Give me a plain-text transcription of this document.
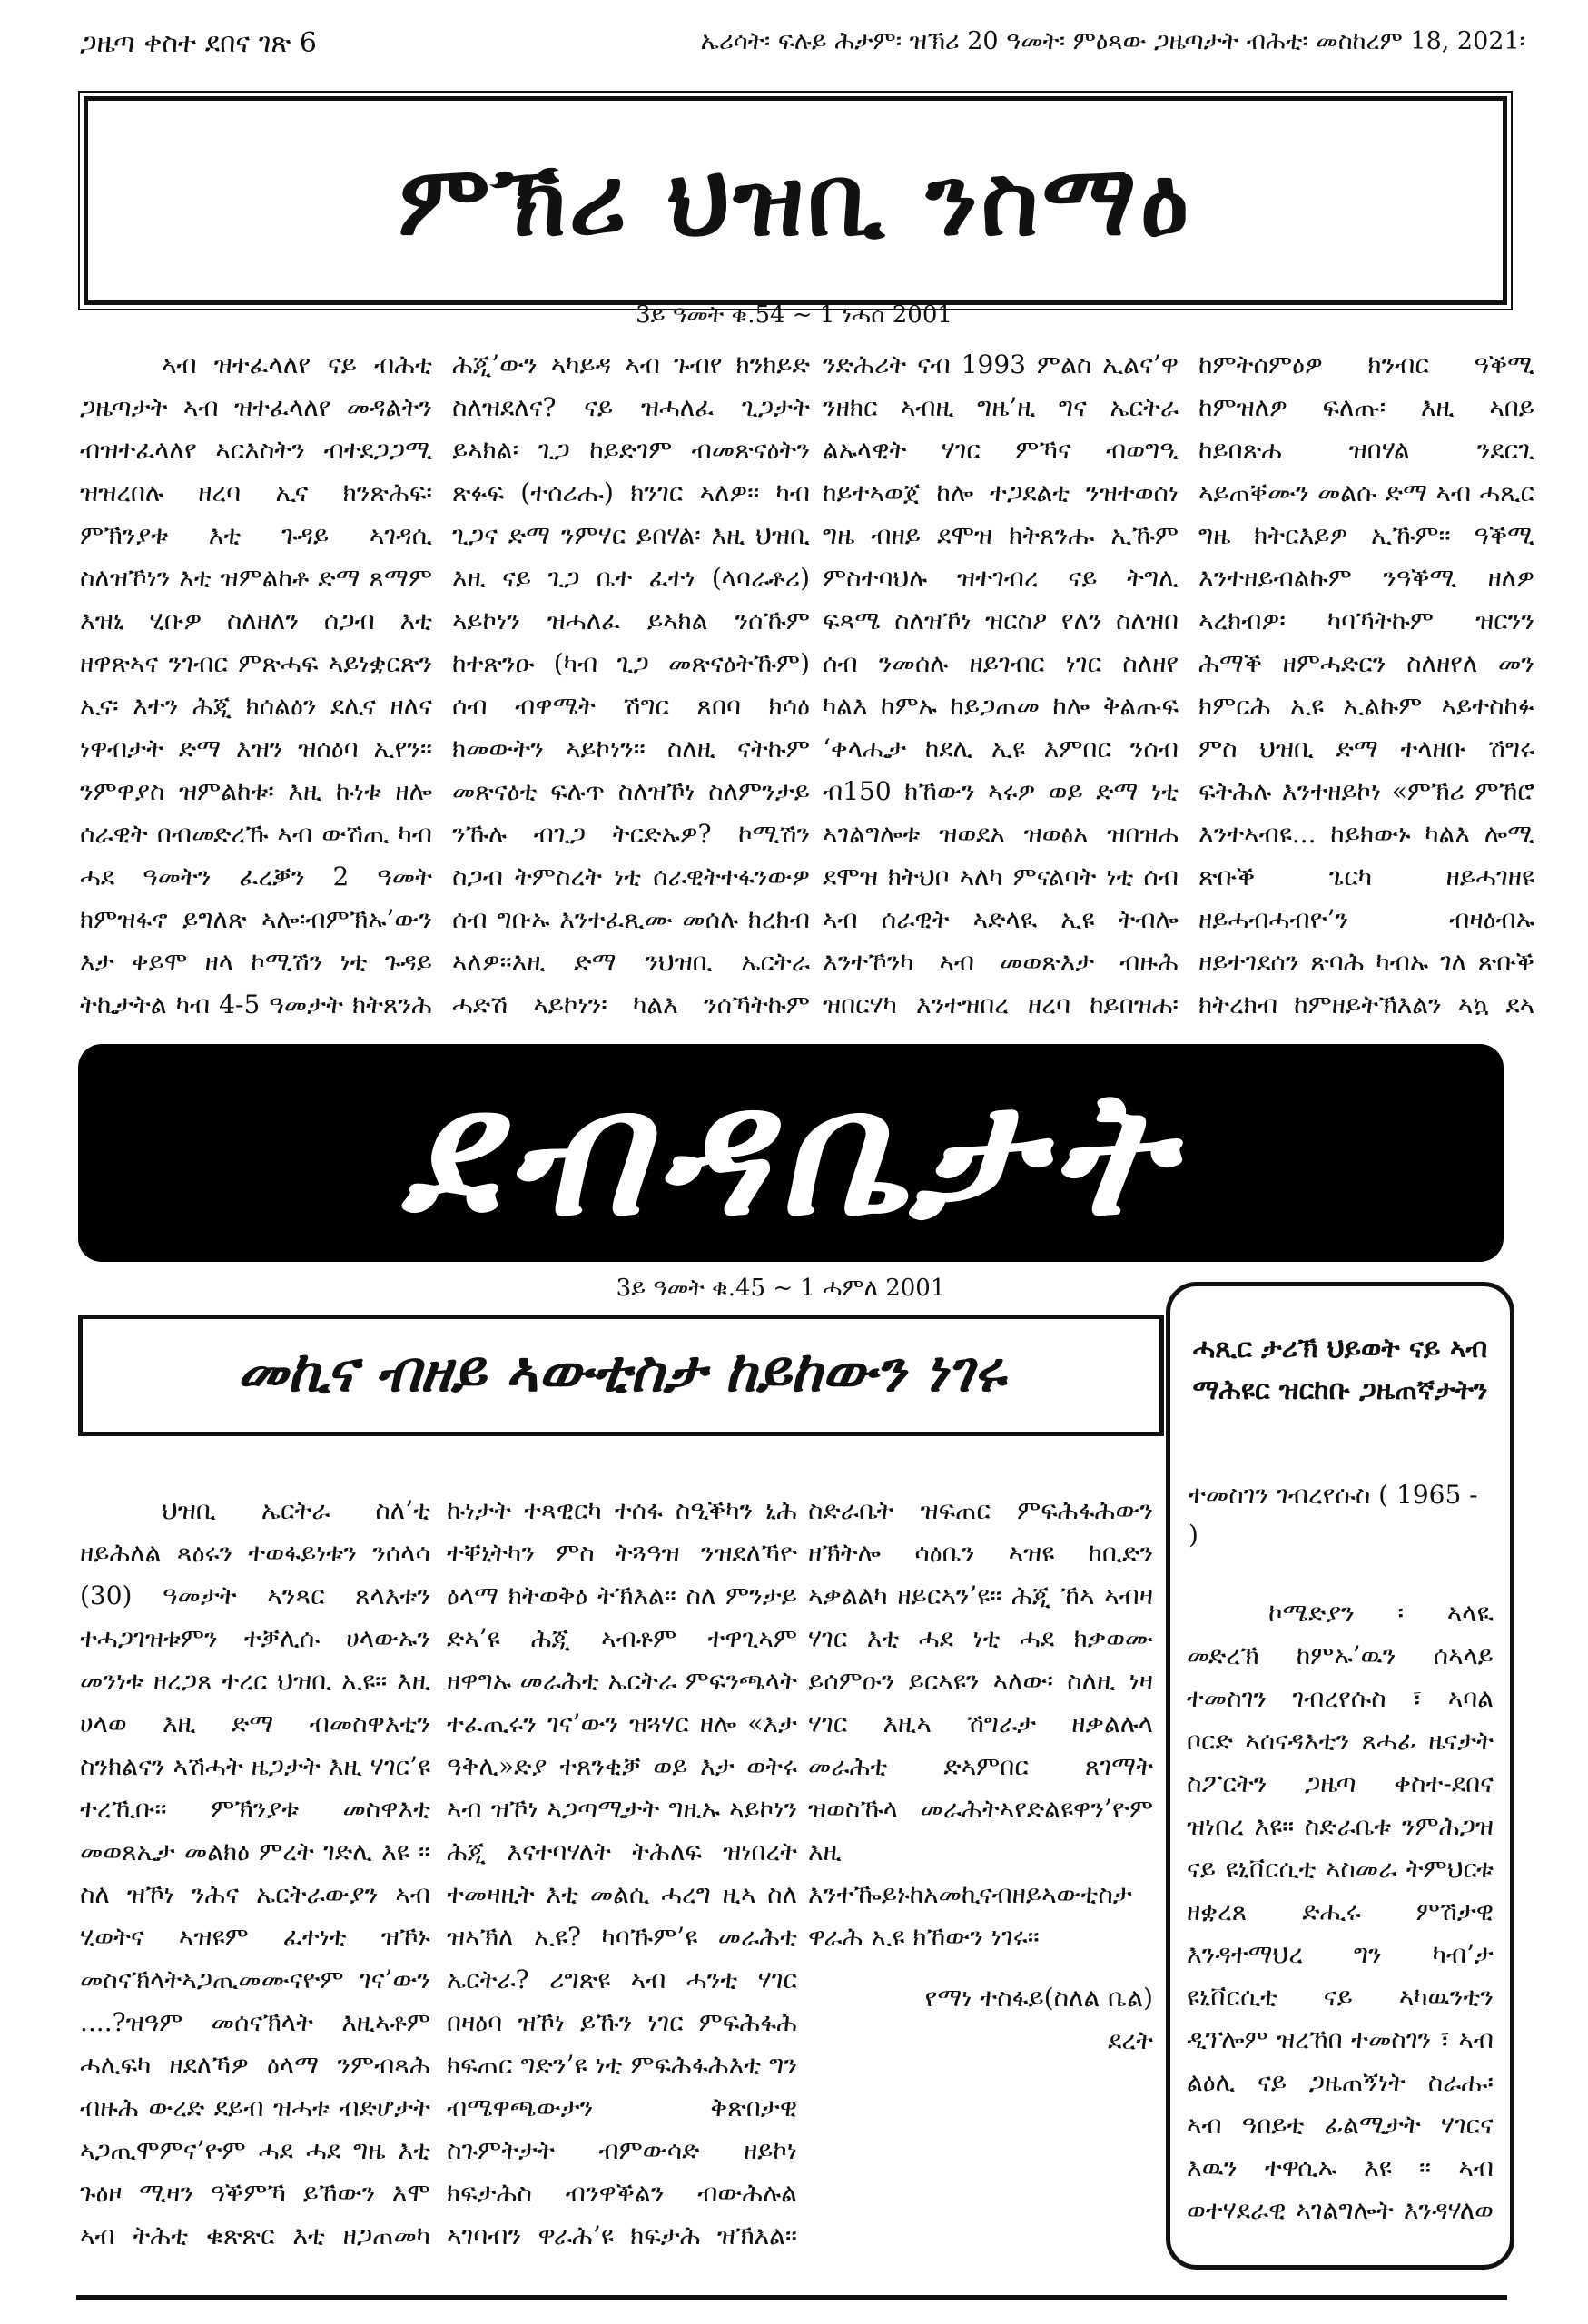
ጋዜጣ ቀስተ ደበና ገጽ 6	ኤሪሳት፡ ፍሉይ ሕታም፡ ዝኽሪ 20 ዓመት፡ ምዕጻው ጋዜጣታት ብሕቲ፡ መስከረም 18, 2021፡
ምኽሪ ህዝቢ ንስማዕ
3ይ ዓመት ቁ.54 ~ 1 ነሓሰ 2001

ኣብ ዝተፈላለየ ናይ ብሕቲ ጋዜጣታት ኣብ ዝተፈላለየ መዳልትን ብዝተፈላለየ ኣርእስትን ብተደጋጋሚ ዝዝረበሉ ዘረባ ኢና ክንጽሕፍ፡ ምኽንያቱ እቲ ጉዳይ ኣገዳሲ ስለዝኾነን እቲ ዝምልከቶ ድማ ጸማም እዝኒ ሂቡዎ ስለዘለን ሰጋብ እቲ ዘዋጽኣና ንገብር ምጽሓፍ ኣይነቋርጽን ኢና፡ እተን ሕጂ ክሰልዕን ደሊና ዘለና ነዋብታት ድማ እዝን ዝሰዕባ ኢየን። ንምዋያስ ዝምልከቱ፡ እዚ ኩነቱ ዘሎ ሰራዊት በብመድረኹ ኣብ ውሽጢ ካብ ሓደ ዓመትን ፈረቓን 2 ዓመት ክምዝፋኖ ይግለጽ ኣሎ፡ብምኽኡ’ውን እታ ቀይሞ ዘላ ኮሚሽን ነቲ ጉዳይ ትኪታትል ካብ 4-5 ዓመታት ክትጸንሕ

ሕጂ’ውን ኣካይዳ ኣብ ጉብየ ክንክይድ ስለዝደለና? ናይ ዝሓለፈ ጊጋታት ይኣክል፡ ጊጋ ከይድገም ብመጽናዕትን ጽፉፍ (ተሰሪሑ) ክንገር ኣለዎ። ካብ ጊጋና ድማ ንምሃር ይበሃል፡ እዚ ህዝቢ እዚ ናይ ጊጋ ቤተ ፈተነ (ላባራቶሪ) ኣይኮነን ዝሓለፈ ይኣክል ንሰኹም ከተጽንዑ (ካብ ጊጋ መጽናዕትኹም) ሰብ ብዋሜት ሽግር ጸበባ ክሳዕ ክመውትን ኣይኮነን። ስለዚ ናትኩም መጽናዕቲ ፍሉጥ ስለዝኾነ ስለምንታይ ንኹሉ ብጊጋ ትርድኡዎ? ኮሚሽን ስጋብ ትምስረት ነቲ ሰራዊትተፋንውዎ ሰብ ግቡኡ እንተፈጺሙ መሰሉ ክረክብ ኣለዎ።እዚ ድማ ንህዝቢ ኤርትራ ሓድሽ ኣይኮነን፡ ካልእ ንሰኻትኩም

ንድሕሪት ናብ 1993 ምልስ ኢልና’ዋ ንዘክር ኣብዚ ግዜ’ዚ ግና ኤርትራ ልኡላዊት ሃገር ምኻና ብወግዒ ከይተኣወጀ ከሎ ተጋደልቲ ንዝተወሰነ ግዜ ብዘይ ደሞዝ ክትጸንሑ ኢኹም ምስተባህሉ ዝተገብረ ናይ ትግሊ ፍጻሜ ስለዝኾነ ዝርስዖ የለን ስለዝበ ሰብ ንመሰሉ ዘይገብር ነገር ስለዘየ ካልእ ከምኡ ከይጋጠመ ከሎ ቅልጡፍ ‘ቀላሒታ ከደሊ ኢዩ እምበር ንሰብ ብ150 ክኸውን ኣሩዎ ወይ ድማ ነቲ ኣገልግሎቱ ዝወደአ ዝወፅአ ዝበዝሐ ደሞዝ ክትህቦ ኣለካ ምናልባት ነቲ ሰብ ኣብ ሰራዊት ኣድላዪ ኢዩ ትብሎ እንተኾንካ ኣብ መወጽእታ ብዙሕ ዝበርሃካ እንተዝበረ ዘረባ ከይበዝሐ፡

ከምትሰምዕዎ ክንብር ዓቕሚ ከምዝለዎ ፍለጡ፡ እዚ ኣበይ ከይበጽሐ ዝበሃል ንደርጊ ኣይጠቐሙን መልሱ ድማ ኣብ ሓጺር ግዜ ክትርእይዎ ኢኹም። ዓቕሚ እንተዘይብልኩም ንዓቕሚ ዘለዎ ኣረክብዎ፡ ካባኻትኩም ዝርንን ሕማቕ ዘምሓድርን ስለዘየለ መን ክምርሕ ኢዩ ኢልኩም ኣይተስከፉ ምስ ህዝቢ ድማ ተላዘቡ ሽግሩ ፍትሕሉ እንተዘይኮነ «ምኽሪ ምኸሮ እንተኣብዩ... ከይክውኑ ካልእ ሎሚ ጽቡቕ ጌርካ ዘይሓገዘዩ ዘይሓብሓብዮ’ን ብዛዕብኡ ዘይተገደሰን ጽባሕ ካብኡ ገለ ጽቡቕ ክትረክብ ከምዘይትኽእልን ኣኳ ደኣ

ደብዳቤታት
3ይ ዓመት ቁ.45 ~ 1 ሓምለ 2001
መኪና ብዘይ ኣውቲስታ ከይከውን ነገሩ

ህዝቢ ኤርትራ ስለ’ቲ ዘይሕለል ጻዕሩን ተወፋይነቱን ንሰላሳ (30) ዓመታት ኣንጻር ጸላእቱን ተሓጋገዝቱምን ተቓሊሱ ሀላውኡን መንነቱ ዘረጋጸ ተረር ህዝቢ ኢዩ። እዚ ሀላወ እዚ ድማ ብመስዋእቲን ስንክልናን ኣሽሓት ዜጋታት እዚ ሃገር’ዩ ተረኺቡ። ምኽንያቱ መስዋእቲ መወጸኢታ መልክዕ ምረት ገድሊ እዩ ። ስለ ዝኾነ ንሕና ኤርትራውያን ኣብ ሂወትና ኣዝዩም ፈተነቲ ዝኾኑ መስናኽላትኣጋጢመሙናዮም ገና’ውን ....?ዝዓም መሰናኽላት እዚኣቶም ሓሊፍካ ዘደለኻዎ ዕላማ ንምብጻሕ ብዙሕ ውረድ ደይብ ዝሓቱ ብድሆታት ኣጋጢሞምና’ዮም ሓደ ሓደ ግዜ እቲ ጉዕዞ ሚዛን ዓቕምኻ ይኸውን እሞ ኣብ ትሕቲ ቁጽጽር እቲ ዘጋጠመካ

ኩነታት ተጻዊርካ ተሰፋ ስዒቕካን ኒሕ ተቐኒትካን ምስ ትጓዓዝ ንዝደለኻዮ ዕላማ ክትወቅዕ ትኽእል። ስለ ምንታይ ድኣ’ዩ ሕጂ ኣብቶም ተዋጊኣም ዘዋግኡ መራሕቲ ኤርትራ ምፍንጫላት ተፈጢሩን ገና’ውን ዝጓሃር ዘሎ «እታ ዓቅሊ»ድያ ተጸንቂቓ ወይ እታ ወትሩ ኣብ ዝኾነ ኣጋጣሚታት ግዚኡ ኣይኮነን ሕጂ እናተባሃለት ትሕለፍ ዝነበረት ተመዛዚት እቲ መልሲ ሓረግ ዚኣ ስለ ዝኣኽለ ኢዩ? ካባኹም’ዩ መራሕቲ ኤርትራ? ሪግጽዩ ኣብ ሓንቲ ሃገር በዛዕባ ዝኾነ ይኹን ነገር ምፍሕፋሕ ክፍጠር ግድን’ዩ ነቲ ምፍሕፋሕእቲ ግን ብሜዋጫውታን ቅጽበታዊ ስጉምትታት ብምውሳድ ዘይኮነ ክፍታሕስ ብንዋቕልን ብውሕሉል ኣገባብን ዋራሕ’ዩ ክፍታሕ ዝኽእል።

ስድራቤት ዝፍጠር ምፍሕፋሕውን ዘኽትሎ ሳዕቤን ኣዝዩ ከቢድን ኣቃልልካ ዘይርኣን’ዩ። ሕጂ ኸኣ ኣብዛ ሃገር እቲ ሓደ ነቲ ሓደ ክቃወሙ ይሰምዑን ይርኣዩን ኣለው፡ ስለዚ ነዛ ሃገር እዚኣ ሽግራታ ዘቃልሉላ መራሕቲ ድኣምበር ጸገማት ዝወስኹላ መራሕትኣየድልዩዋን’ዮም እዚ እንተዀይኑከአመኪናብዘይኣውቲስታ ዋራሕ ኢዩ ክኸውን ነገሩ።

የማነ ተስፋይ(ስለል ቤል)

ደረት

ሓጺር ታሪኽ ህይወት ናይ ኣብ ማሕዩር ዝርከቡ ጋዜጠኛታትን
ተመስገን ገብረየሱስ ( 1965 - )

ኮሜድያን ፡ ኣላዪ መድረኽ ከምኡ’ዉን ሰኣላይ ተመስገን ገብረየሱስ ፣ ኣባል ቦርድ ኣሰናዳእቲን ጸሓፊ ዜናታት ስፖርትን ጋዜጣ ቀስተ-ደበና ዝነበረ እዩ። ስድራቤቱ ንምሕጋዝ ናይ ዩኒቨርሲቲ ኣስመራ ትምህርቱ ዘቋረጸ ድሒሩ ምሽታዊ እንዳተማህረ ግን ካብ’ታ ዩኒቨርሲቲ ናይ ኣካዉንቲን ዲፕሎም ዝረኸበ ተመስገን ፣ ኣብ ልዕሊ ናይ ጋዜጠኝነት ስራሑ፡ ኣብ ዓበይቲ ፊልሚታት ሃገርና እዉን ተዋሲኡ እዩ ። ኣብ ወተሃደራዊ ኣገልግሎት እንዳሃለወ
